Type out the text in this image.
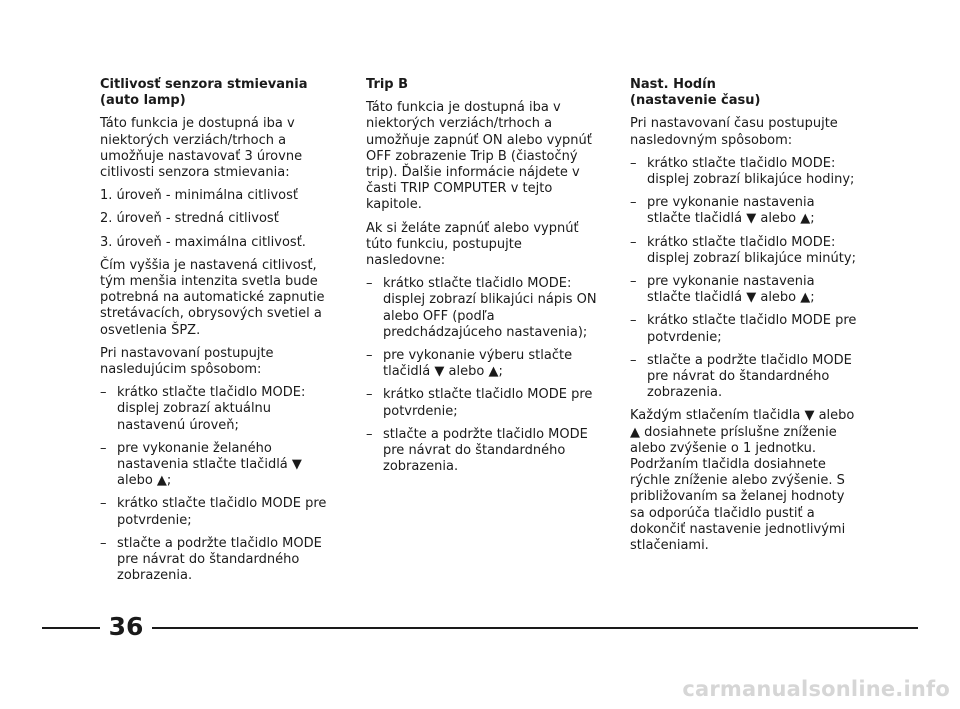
Citlivosť senzora stmievania (auto lamp)

Táto funkcia je dostupná iba v niektorých verziách/trhoch a umožňuje nastavovať 3 úrovne citlivosti senzora stmievania:

1. úroveň - minimálna citlivosť

2. úroveň - stredná citlivosť

3. úroveň - maximálna citlivosť.

Čím vyššia je nastavená citlivosť, tým menšia intenzita svetla bude potrebná na automatické zapnutie stretávacích, obrysových svetiel a osvetlenia ŠPZ.

Pri nastavovaní postupujte nasledujúcim spôsobom:

– krátko stlačte tlačidlo MODE: displej zobrazí aktuálnu nastavenú úroveň;
– pre vykonanie želaného nastavenia stlačte tlačidlá ▼ alebo ▲;
– krátko stlačte tlačidlo MODE pre potvrdenie;
– stlačte a podržte tlačidlo MODE pre návrat do štandardného zobrazenia.
Trip B

Táto funkcia je dostupná iba v niektorých verziách/trhoch a umožňuje zapnúť ON alebo vypnúť OFF zobrazenie Trip B (čiastočný trip). Ďalšie informácie nájdete v časti TRIP COMPUTER v tejto kapitole.

Ak si želáte zapnúť alebo vypnúť túto funkciu, postupujte nasledovne:

– krátko stlačte tlačidlo MODE: displej zobrazí blikajúci nápis ON alebo OFF (podľa predchádzajúceho nastavenia);
– pre vykonanie výberu stlačte tlačidlá ▼ alebo ▲;
– krátko stlačte tlačidlo MODE pre potvrdenie;
– stlačte a podržte tlačidlo MODE pre návrat do štandardného zobrazenia.
Nast. Hodín
(nastavenie času)

Pri nastavovaní času postupujte nasledovným spôsobom:

– krátko stlačte tlačidlo MODE: displej zobrazí blikajúce hodiny;
– pre vykonanie nastavenia stlačte tlačidlá ▼ alebo ▲;
– krátko stlačte tlačidlo MODE: displej zobrazí blikajúce minúty;
– pre vykonanie nastavenia stlačte tlačidlá ▼ alebo ▲;
– krátko stlačte tlačidlo MODE pre potvrdenie;
– stlačte a podržte tlačidlo MODE pre návrat do štandardného zobrazenia.

Každým stlačením tlačidla ▼ alebo ▲ dosiahnete príslušne zníženie alebo zvýšenie o 1 jednotku. Podržaním tlačidla dosiahnete rýchle zníženie alebo zvýšenie. S približovaním sa želanej hodnoty sa odporúča tlačidlo pustiť a dokončiť nastavenie jednotlivými stlačeniami.

36
carmanualsonline.info
